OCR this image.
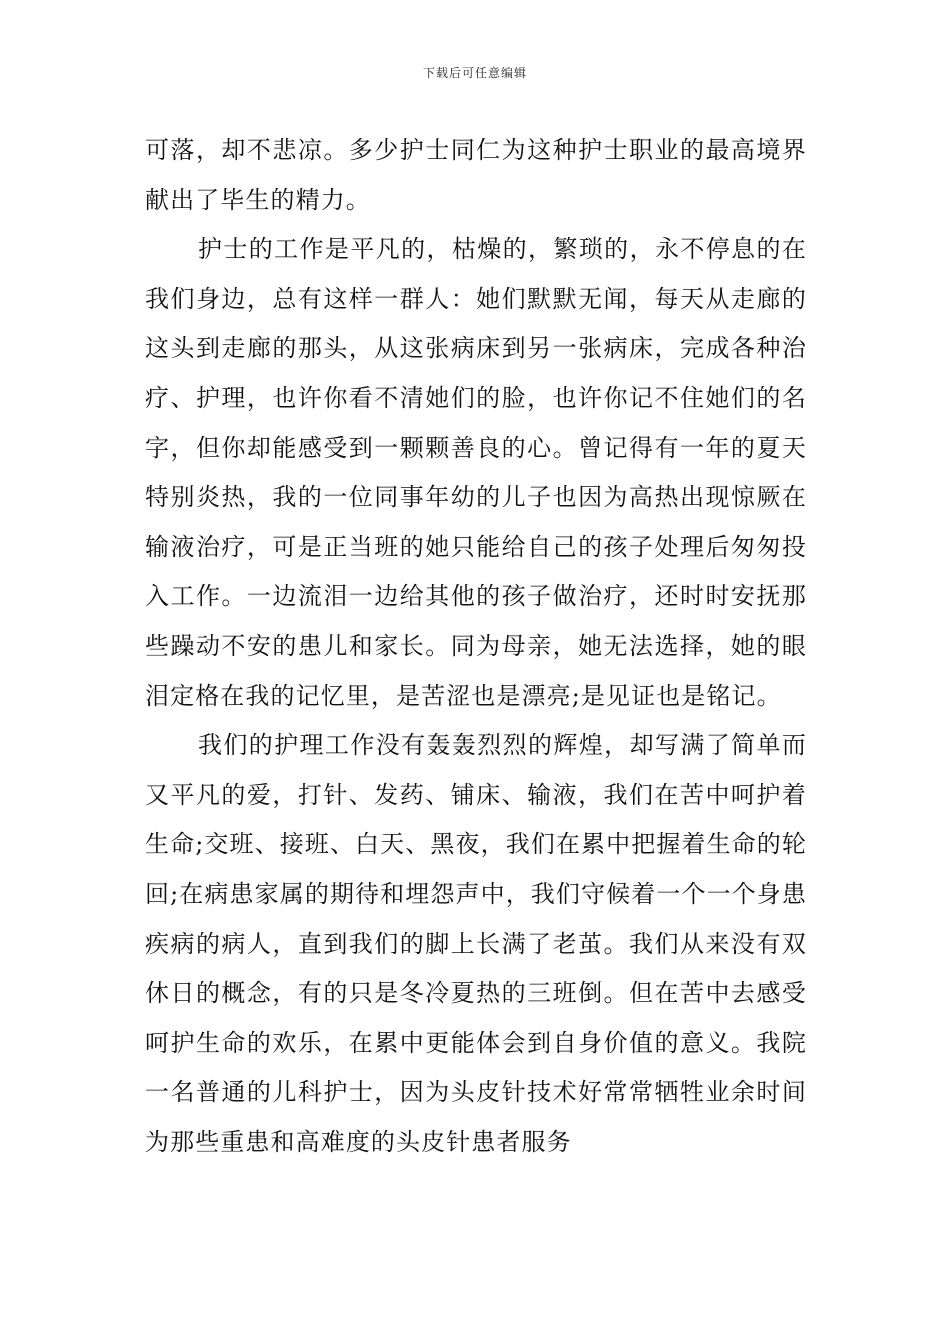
下载后可任意编辑

可落，却不悲凉。多少护士同仁为这种护士职业的最高境界献出了毕生的精力。

护士的工作是平凡的，枯燥的，繁琐的，永不停息的在我们身边，总有这样一群人：她们默默无闻，每天从走廊的这头到走廊的那头，从这张病床到另一张病床，完成各种治疗、护理，也许你看不清她们的脸，也许你记不住她们的名字，但你却能感受到一颗颗善良的心。曾记得有一年的夏天特别炎热，我的一位同事年幼的儿子也因为高热出现惊厥在输液治疗，可是正当班的她只能给自己的孩子处理后匆匆投入工作。一边流泪一边给其他的孩子做治疗，还时时安抚那些躁动不安的患儿和家长。同为母亲，她无法选择，她的眼泪定格在我的记忆里，是苦涩也是漂亮;是见证也是铭记。

我们的护理工作没有轰轰烈烈的辉煌，却写满了简单而又平凡的爱，打针、发药、铺床、输液，我们在苦中呵护着生命;交班、接班、白天、黑夜，我们在累中把握着生命的轮回;在病患家属的期待和埋怨声中，我们守候着一个一个身患疾病的病人，直到我们的脚上长满了老茧。我们从来没有双休日的概念，有的只是冬冷夏热的三班倒。但在苦中去感受呵护生命的欢乐，在累中更能体会到自身价值的意义。我院一名普通的儿科护士，因为头皮针技术好常常牺牲业余时间为那些重患和高难度的头皮针患者服务
